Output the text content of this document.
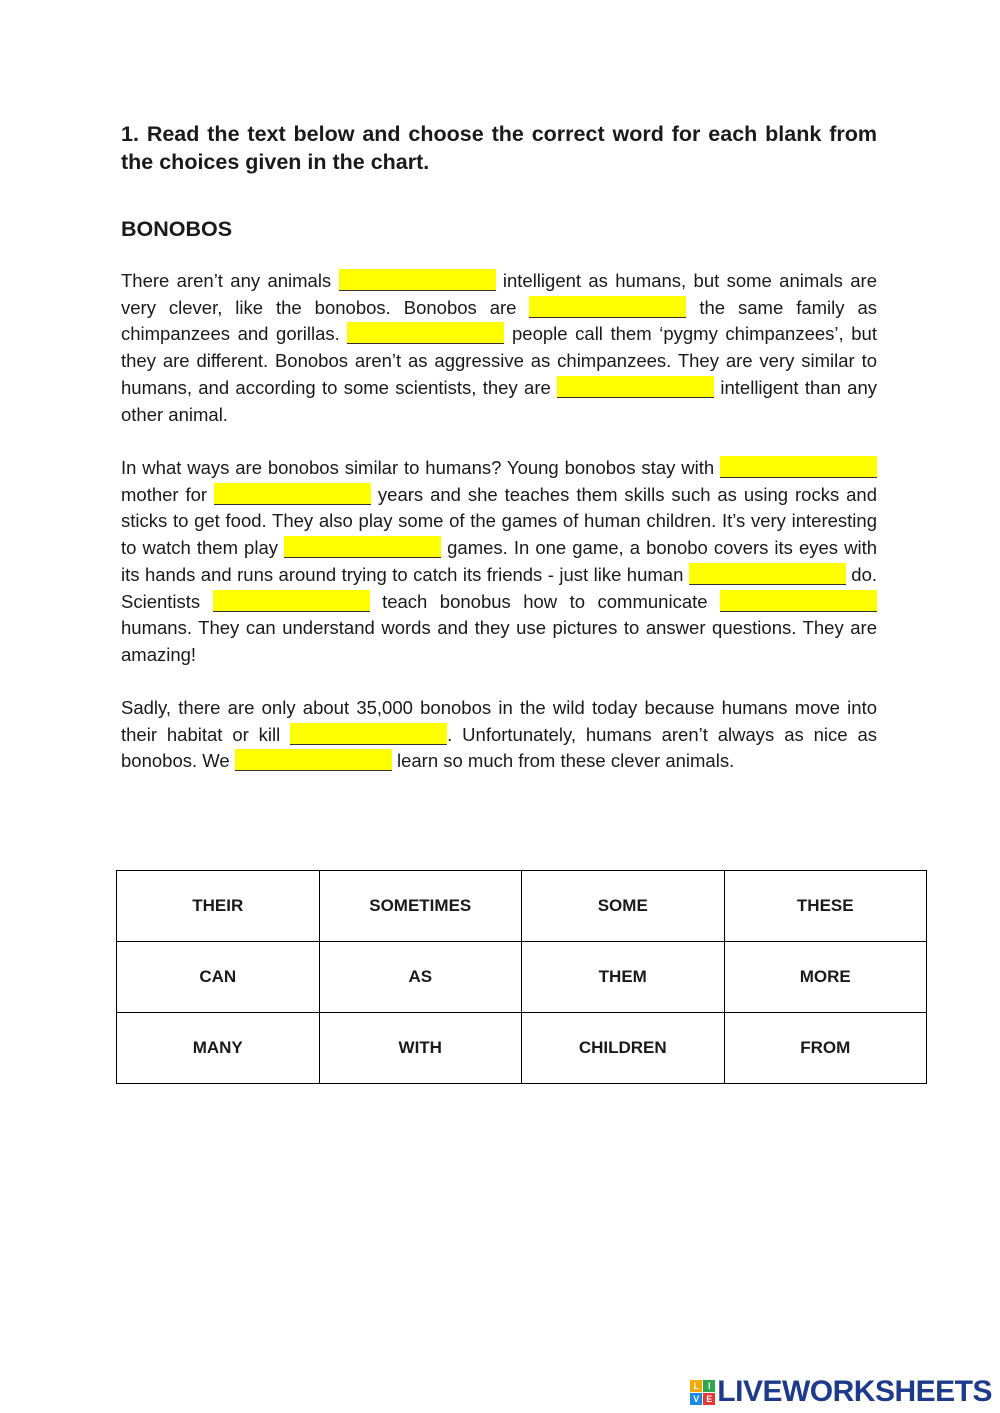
1. Read the text below and choose the correct word for each blank from the choices given in the chart.

BONOBOS

There aren’t any animals	intelligent as humans, but some animals are very clever, like the bonobos. Bonobos are	the same family as chimpanzees and gorillas.	people call them ‘pygmy chimpanzees’, but they are different. Bonobos aren’t as aggressive as chimpanzees. They are very similar to humans, and according to some scientists, they are	intelligent than any other animal.

In what ways are bonobos similar to humans? Young bonobos stay with  mother for	years and she teaches them skills such as using rocks and sticks to get food. They also play some of the games of human children. It’s very interesting to watch them play	games. In one game, a bonobo covers its eyes with its hands and runs around trying to catch its friends - just like human	do. Scientists	teach bonobus how to communicate  humans. They can understand words and they use pictures to answer questions. They are amazing!

Sadly, there are only about 35,000 bonobos in the wild today because humans move into their habitat or kill	. Unfortunately, humans aren’t always as nice as bonobos. We	learn so much from these clever animals.

THEIR	SOMETIMES	SOME	THESE
CAN	AS	THEM	MORE
MANY	WITH	CHILDREN	FROM
L I
V E LIVEWORKSHEETS
